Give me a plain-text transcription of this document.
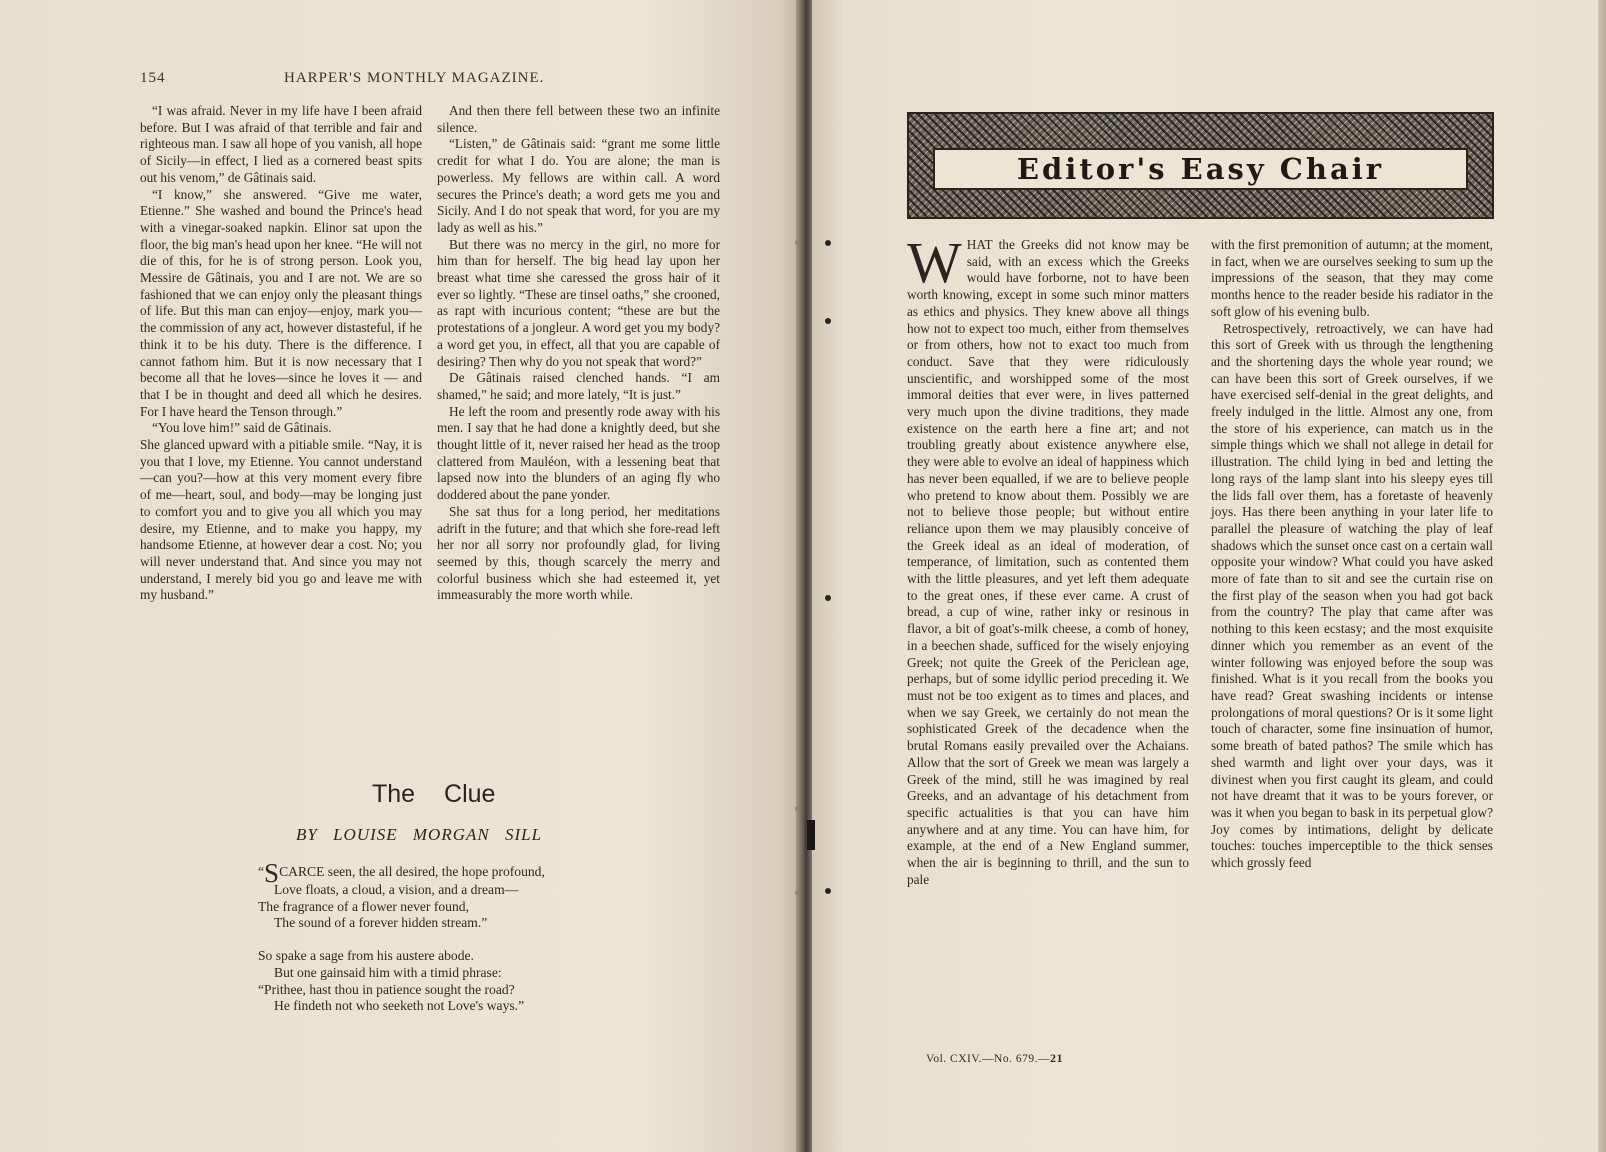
154	HARPER'S MONTHLY MAGAZINE.

“I was afraid. Never in my life have I been afraid before. But I was afraid of that terrible and fair and righteous man. I saw all hope of you vanish, all hope of Sicily—in effect, I lied as a cornered beast spits out his venom,” de Gâtinais said.

“I know,” she answered. “Give me water, Etienne.” She washed and bound the Prince's head with a vinegar-soaked napkin. Elinor sat upon the floor, the big man's head upon her knee. “He will not die of this, for he is of strong person. Look you, Messire de Gâtinais, you and I are not. We are so fashioned that we can enjoy only the pleasant things of life. But this man can enjoy—enjoy, mark you—the commission of any act, however distasteful, if he think it to be his duty. There is the difference. I cannot fathom him. But it is now necessary that I become all that he loves—since he loves it — and that I be in thought and deed all which he desires. For I have heard the Tenson through.”

“You love him!” said de Gâtinais.

She glanced upward with a pitiable smile. “Nay, it is you that I love, my Etienne. You cannot understand—can you?—how at this very moment every fibre of me—heart, soul, and body—may be longing just to comfort you and to give you all which you may desire, my Etienne, and to make you happy, my handsome Etienne, at however dear a cost. No; you will never understand that. And since you may not understand, I merely bid you go and leave me with my husband.”

And then there fell between these two an infinite silence.

“Listen,” de Gâtinais said: “grant me some little credit for what I do. You are alone; the man is powerless. My fellows are within call. A word secures the Prince's death; a word gets me you and Sicily. And I do not speak that word, for you are my lady as well as his.”

But there was no mercy in the girl, no more for him than for herself. The big head lay upon her breast what time she caressed the gross hair of it ever so lightly. “These are tinsel oaths,” she crooned, as rapt with incurious content; “these are but the protestations of a jongleur. A word get you my body? a word get you, in effect, all that you are capable of desiring? Then why do you not speak that word?”

De Gâtinais raised clenched hands. “I am shamed,” he said; and more lately, “It is just.”

He left the room and presently rode away with his men. I say that he had done a knightly deed, but she thought little of it, never raised her head as the troop clattered from Mauléon, with a lessening beat that lapsed now into the blunders of an aging fly who doddered about the pane yonder.

She sat thus for a long period, her meditations adrift in the future; and that which she fore-read left her nor all sorry nor profoundly glad, for living seemed by this, though scarcely the merry and colorful business which she had esteemed it, yet immeasurably the more worth while.

The Clue
BY LOUISE MORGAN SILL
“SCARCE seen, the all desired, the hope profound,
Love floats, a cloud, a vision, and a dream—
The fragrance of a flower never found,
The sound of a forever hidden stream.”
So spake a sage from his austere abode.
But one gainsaid him with a timid phrase:
“Prithee, hast thou in patience sought the road?
He findeth not who seeketh not Love's ways.”
Editor's Easy Chair

WHAT the Greeks did not know may be said, with an excess which the Greeks would have forborne, not to have been worth knowing, except in some such minor matters as ethics and physics. They knew above all things how not to expect too much, either from themselves or from others, how not to exact too much from conduct. Save that they were ridiculously unscientific, and worshipped some of the most immoral deities that ever were, in lives patterned very much upon the divine traditions, they made existence on the earth here a fine art; and not troubling greatly about existence anywhere else, they were able to evolve an ideal of happiness which has never been equalled, if we are to believe people who pretend to know about them. Possibly we are not to believe those people; but without entire reliance upon them we may plausibly conceive of the Greek ideal as an ideal of moderation, of temperance, of limitation, such as contented them with the little pleasures, and yet left them adequate to the great ones, if these ever came. A crust of bread, a cup of wine, rather inky or resinous in flavor, a bit of goat's-milk cheese, a comb of honey, in a beechen shade, sufficed for the wisely enjoying Greek; not quite the Greek of the Periclean age, perhaps, but of some idyllic period preceding it. We must not be too exigent as to times and places, and when we say Greek, we certainly do not mean the sophisticated Greek of the decadence when the brutal Romans easily prevailed over the Achaians. Allow that the sort of Greek we mean was largely a Greek of the mind, still he was imagined by real Greeks, and an advantage of his detachment from specific actualities is that you can have him anywhere and at any time. You can have him, for example, at the end of a New England summer, when the air is beginning to thrill, and the sun to pale

with the first premonition of autumn; at the moment, in fact, when we are ourselves seeking to sum up the impressions of the season, that they may come months hence to the reader beside his radiator in the soft glow of his evening bulb.

Retrospectively, retroactively, we can have had this sort of Greek with us through the lengthening and the shortening days the whole year round; we can have been this sort of Greek ourselves, if we have exercised self-denial in the great delights, and freely indulged in the little. Almost any one, from the store of his experience, can match us in the simple things which we shall not allege in detail for illustration. The child lying in bed and letting the long rays of the lamp slant into his sleepy eyes till the lids fall over them, has a foretaste of heavenly joys. Has there been anything in your later life to parallel the pleasure of watching the play of leaf shadows which the sunset once cast on a certain wall opposite your window? What could you have asked more of fate than to sit and see the curtain rise on the first play of the season when you had got back from the country? The play that came after was nothing to this keen ecstasy; and the most exquisite dinner which you remember as an event of the winter following was enjoyed before the soup was finished. What is it you recall from the books you have read? Great swashing incidents or intense prolongations of moral questions? Or is it some light touch of character, some fine insinuation of humor, some breath of bated pathos? The smile which has shed warmth and light over your days, was it divinest when you first caught its gleam, and could not have dreamt that it was to be yours forever, or was it when you began to bask in its perpetual glow? Joy comes by intimations, delight by delicate touches: touches imperceptible to the thick senses which grossly feed

Vol. CXIV.—No. 679.—21
